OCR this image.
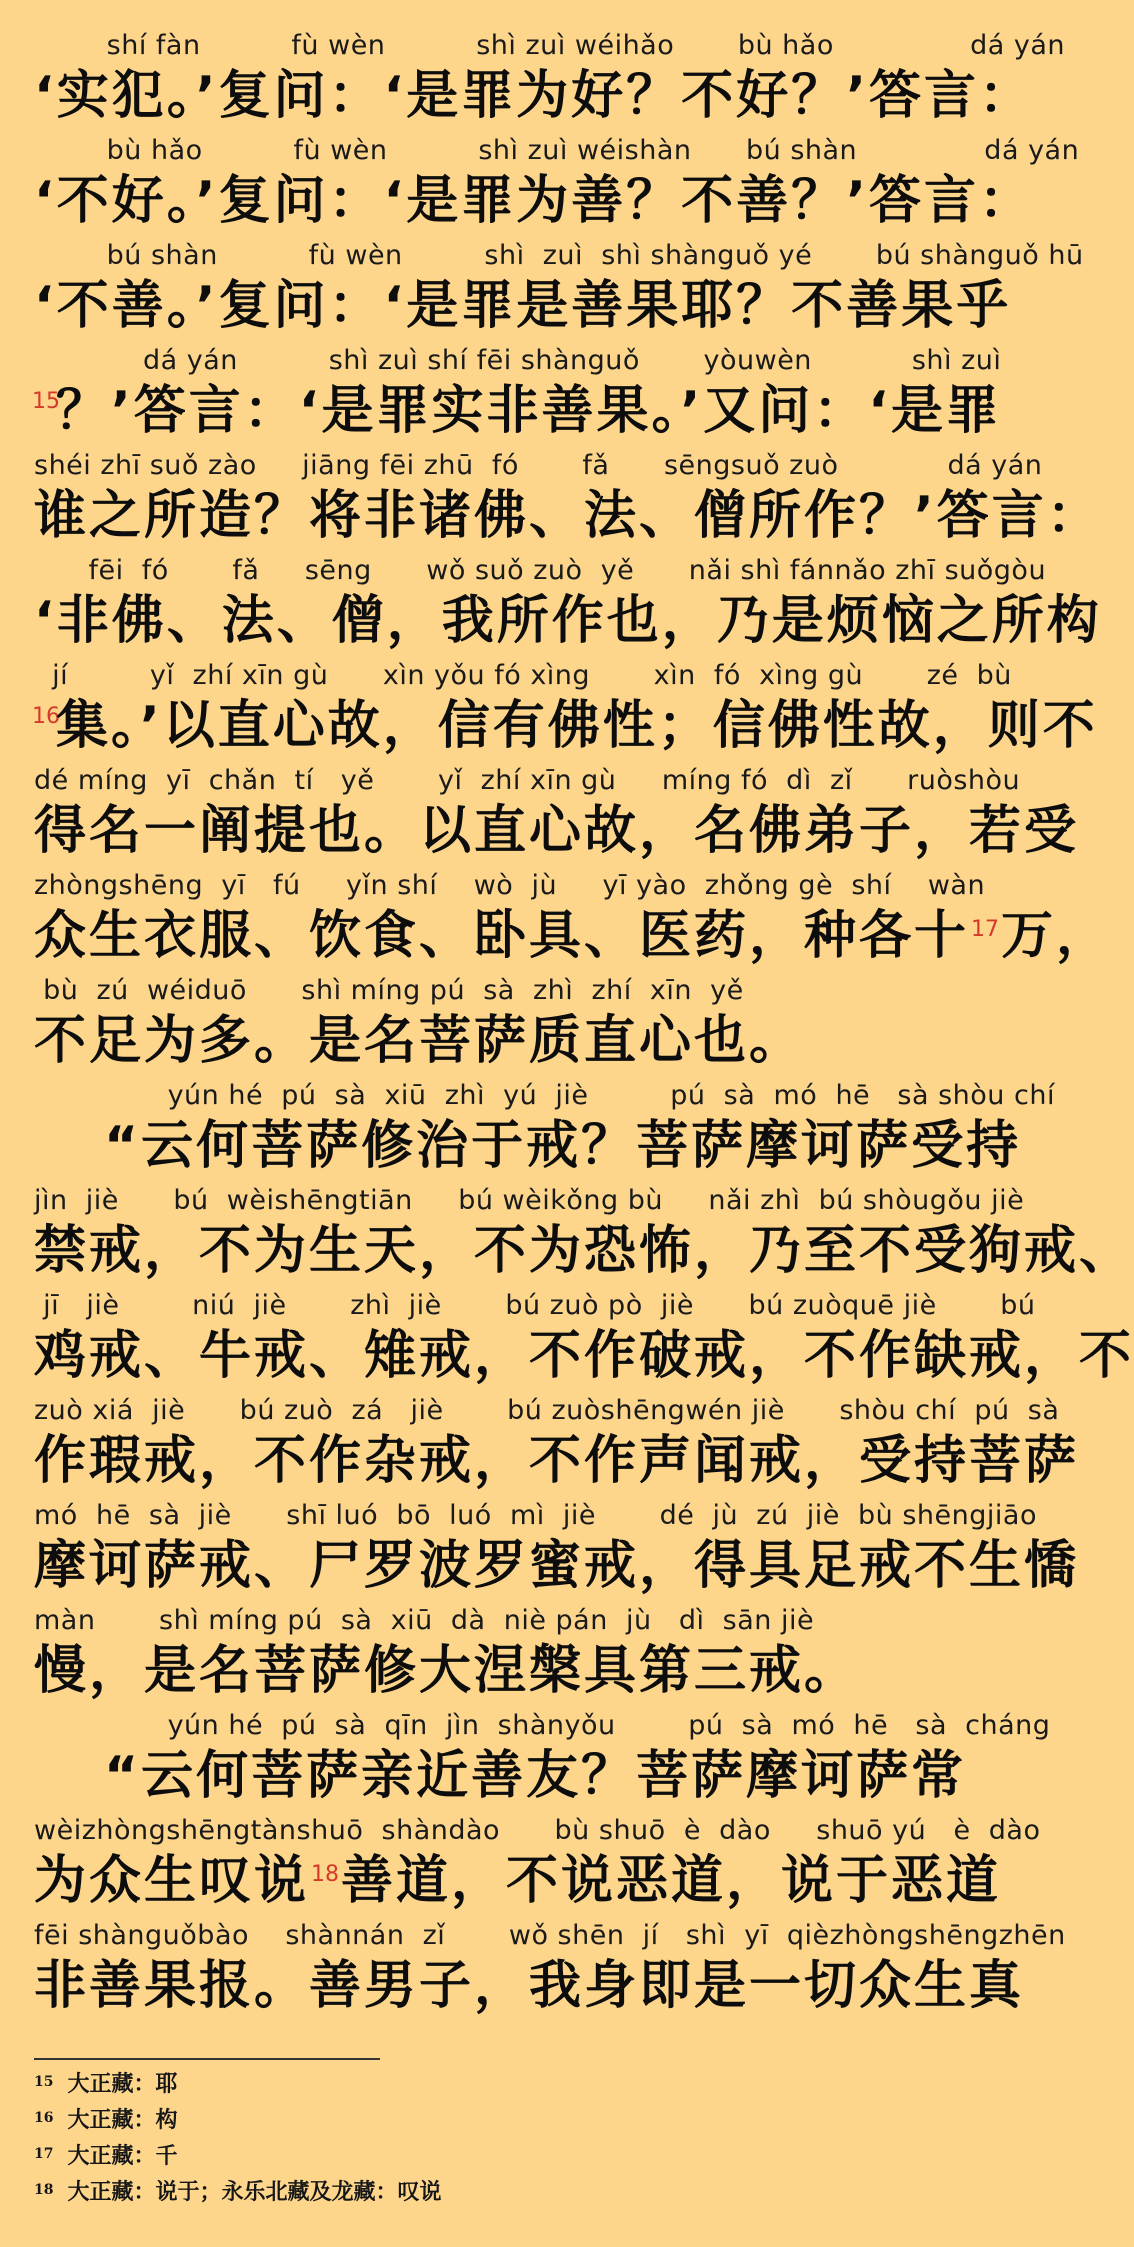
shí fàn          fù wèn          shì zuì wéihǎo       bù hǎo               dá yán
‘实犯。’复问：‘是罪为好？不好？’答言：
bù hǎo          fù wèn          shì zuì wéishàn      bú shàn              dá yán
‘不好。’复问：‘是罪为善？不善？’答言：
bú shàn          fù wèn         shì  zuì  shì shànguǒ yé       bú shànguǒ hū
‘不善。’复问：‘是罪是善果耶？不善果乎
15
dá yán          shì zuì shí fēi shànguǒ       yòuwèn           shì zuì
？’答言：‘是罪实非善果。’又问：‘是罪
shéi zhī suǒ zào     jiāng fēi zhū  fó       fǎ      sēngsuǒ zuò            dá yán
谁之所造？将非诸佛、法、僧所作？’答言：
fēi  fó       fǎ     sēng      wǒ suǒ zuò  yě      nǎi shì fánnǎo zhī suǒgòu
‘非佛、法、僧，我所作也，乃是烦恼之所构
16
jí         yǐ  zhí xīn gù      xìn yǒu fó xìng       xìn  fó  xìng gù       zé  bù
集。’以直心故，信有佛性；信佛性故，则不
dé míng  yī  chǎn  tí   yě       yǐ  zhí xīn gù     míng fó  dì  zǐ      ruòshòu
得名一阐提也。以直心故，名佛弟子，若受
zhòngshēng  yī   fú     yǐn shí    wò  jù     yī yào  zhǒng gè  shí    wàn
众生衣服、饮食、卧具、医药，种各十$^{17}$万，
bù  zú  wéiduō      shì míng pú  sà  zhì  zhí  xīn  yě
不足为多。是名菩萨质直心也。
yún hé  pú  sà  xiū  zhì  yú  jiè         pú  sà  mó  hē   sà shòu chí
“云何菩萨修治于戒？菩萨摩诃萨受持
jìn  jiè      bú  wèishēngtiān     bú wèikǒng bù     nǎi zhì  bú shòugǒu jiè
禁戒，不为生天，不为恐怖，乃至不受狗戒、
jī   jiè        niú  jiè       zhì  jiè       bú zuò pò  jiè      bú zuòquē jiè       bú
鸡戒、牛戒、雉戒，不作破戒，不作缺戒，不
zuò xiá  jiè      bú zuò  zá   jiè       bú zuòshēngwén jiè      shòu chí  pú  sà
作瑕戒，不作杂戒，不作声闻戒，受持菩萨
mó  hē  sà  jiè      shī luó  bō  luó  mì  jiè       dé  jù  zú  jiè  bù shēngjiāo
摩诃萨戒、尸罗波罗蜜戒，得具足戒不生憍
màn       shì míng pú  sà  xiū  dà  niè pán  jù   dì  sān jiè
慢，是名菩萨修大涅槃具第三戒。
yún hé  pú  sà  qīn  jìn  shànyǒu        pú  sà  mó  hē   sà  cháng
“云何菩萨亲近善友？菩萨摩诃萨常
wèizhòngshēngtànshuō  shàndào      bù shuō  è  dào     shuō yú   è  dào
为众生叹说$^{18}$善道，不说恶道，说于恶道
fēi shànguǒbào    shànnán  zǐ       wǒ shēn  jí   shì  yī  qièzhòngshēngzhēn
非善果报。善男子，我身即是一切众生真
$^{15}$ 大正藏：耶
$^{16}$ 大正藏：构
$^{17}$ 大正藏：千
$^{18}$ 大正藏：说于；永乐北藏及龙藏：叹说
